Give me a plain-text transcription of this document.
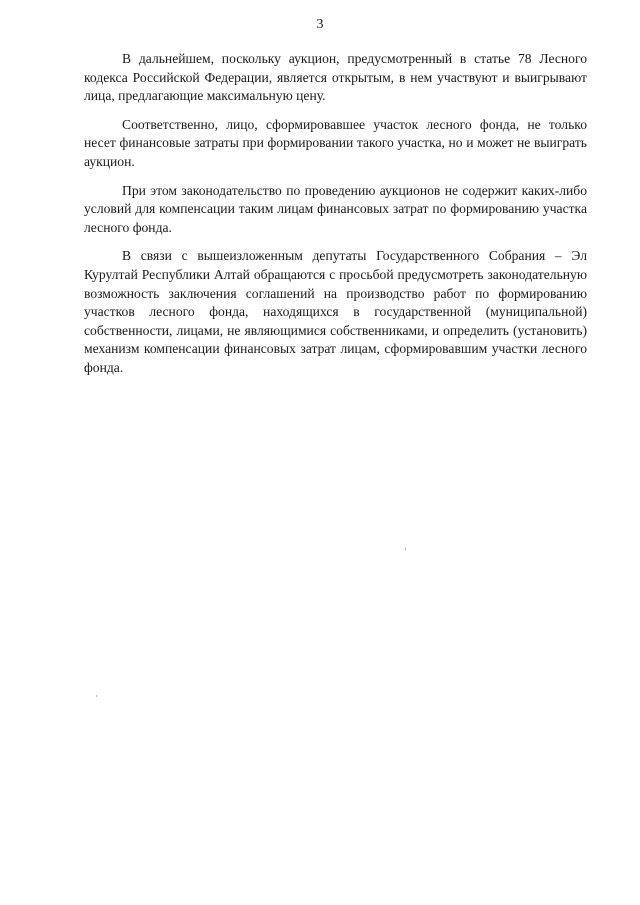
3

В дальнейшем, поскольку аукцион, предусмотренный в статье 78 Лесного кодекса Российской Федерации, является открытым, в нем участвуют и выигрывают лица, предлагающие максимальную цену.

Соответственно, лицо, сформировавшее участок лесного фонда, не только несет финансовые затраты при формировании такого участка, но и может не выиграть аукцион.

При этом законодательство по проведению аукционов не содержит каких-либо условий для компенсации таким лицам финансовых затрат по формированию участка лесного фонда.

В связи с вышеизложенным депутаты Государственного Собрания – Эл Курултай Республики Алтай обращаются с просьбой предусмотреть законодательную возможность заключения соглашений на производство работ по формированию участков лесного фонда, находящихся в государственной (муниципальной) собственности, лицами, не являющимися собственниками, и определить (установить) механизм компенсации финансовых затрат лицам, сформировавшим участки лесного фонда.
